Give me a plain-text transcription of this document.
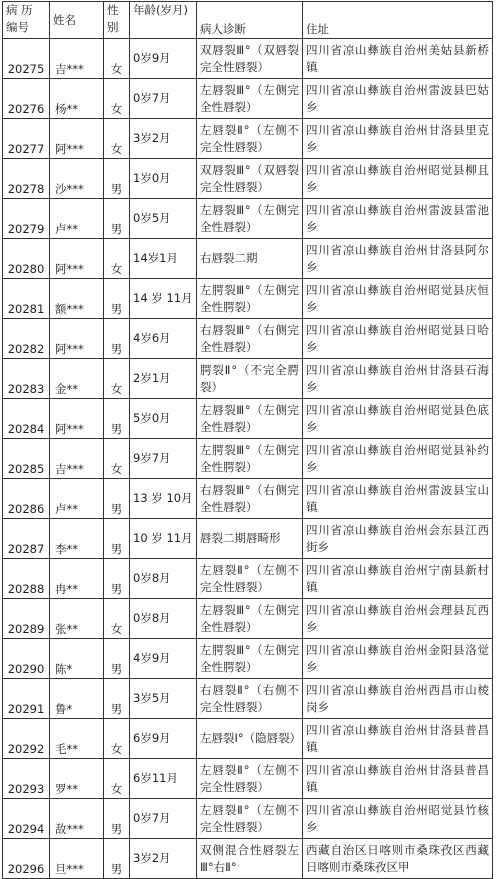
病 历 编号	姓名	性别	年龄(岁月)	病人诊断	住址
20275	吉***	女	0岁9月	双唇裂Ⅲ°（双唇裂完全性唇裂）	四川省凉山彝族自治州美姑县新桥镇
20276	杨**	女	0岁7月	左唇裂Ⅲ°（左侧完全性唇裂）	四川省凉山彝族自治州雷波县巴姑乡
20277	阿***	女	3岁2月	左唇裂Ⅱ°（左侧不完全性唇裂）	四川省凉山彝族自治州甘洛县里克乡
20278	沙***	男	1岁0月	双唇裂Ⅲ°（双唇裂完全性唇裂）	四川省凉山彝族自治州昭觉县柳且乡
20279	卢**	男	0岁5月	左唇裂Ⅲ°（左侧完全性唇裂）	四川省凉山彝族自治州雷波县雷池乡
20280	阿***	女	14岁1月	右唇裂二期	四川省凉山彝族自治州甘洛县阿尔乡
20281	额***	男	14 岁 11月	左腭裂Ⅲ°（左侧完全性腭裂）	四川省凉山彝族自治州昭觉县庆恒乡
20282	阿***	男	4岁6月	右唇裂Ⅲ°（右侧完全性唇裂）	四川省凉山彝族自治州昭觉县日哈乡
20283	金**	女	2岁1月	腭裂Ⅱ°（不完全腭裂）	四川省凉山彝族自治州甘洛县石海乡
20284	阿***	男	5岁0月	左唇裂Ⅲ°（左侧完全性唇裂）	四川省凉山彝族自治州昭觉县色底乡
20285	吉***	女	9岁7月	左腭裂Ⅲ°（左侧完全性腭裂）	四川省凉山彝族自治州昭觉县补约乡
20286	卢**	男	13 岁 10月	右唇裂Ⅲ°（右侧完全性唇裂）	四川省凉山彝族自治州雷波县宝山镇
20287	李**	男	10 岁 11月	唇裂二期唇畸形	四川省凉山彝族自治州会东县江西街乡
20288	冉**	男	0岁8月	左唇裂Ⅱ°（左侧不完全性唇裂）	四川省凉山彝族自治州宁南县新村镇
20289	张**	女	0岁8月	左唇裂Ⅲ°（左侧完全性唇裂）	四川省凉山彝族自治州会理县瓦西乡
20290	陈*	男	4岁9月	左腭裂Ⅲ°（左侧完全性腭裂）	四川省凉山彝族自治州金阳县洛觉乡
20291	鲁*	男	3岁5月	右唇裂Ⅱ°（右侧不完全性唇裂）	四川省凉山彝族自治州西昌市山棱岗乡
20292	毛**	女	6岁9月	左唇裂Ⅰ°（隐唇裂）	四川省凉山彝族自治州甘洛县普昌镇
20293	罗**	女	6岁11月	左唇裂Ⅱ°（左侧不完全性唇裂）	四川省凉山彝族自治州甘洛县普昌镇
20294	敌***	男	0岁7月	左唇裂Ⅱ°（左侧不完全性唇裂）	四川省凉山彝族自治州昭觉县竹核乡
20296	旦***	男	3岁2月	双侧混合性唇裂左Ⅲ°右Ⅱ°	西藏自治区日喀则市桑珠孜区西藏日喀则市桑珠孜区甲
